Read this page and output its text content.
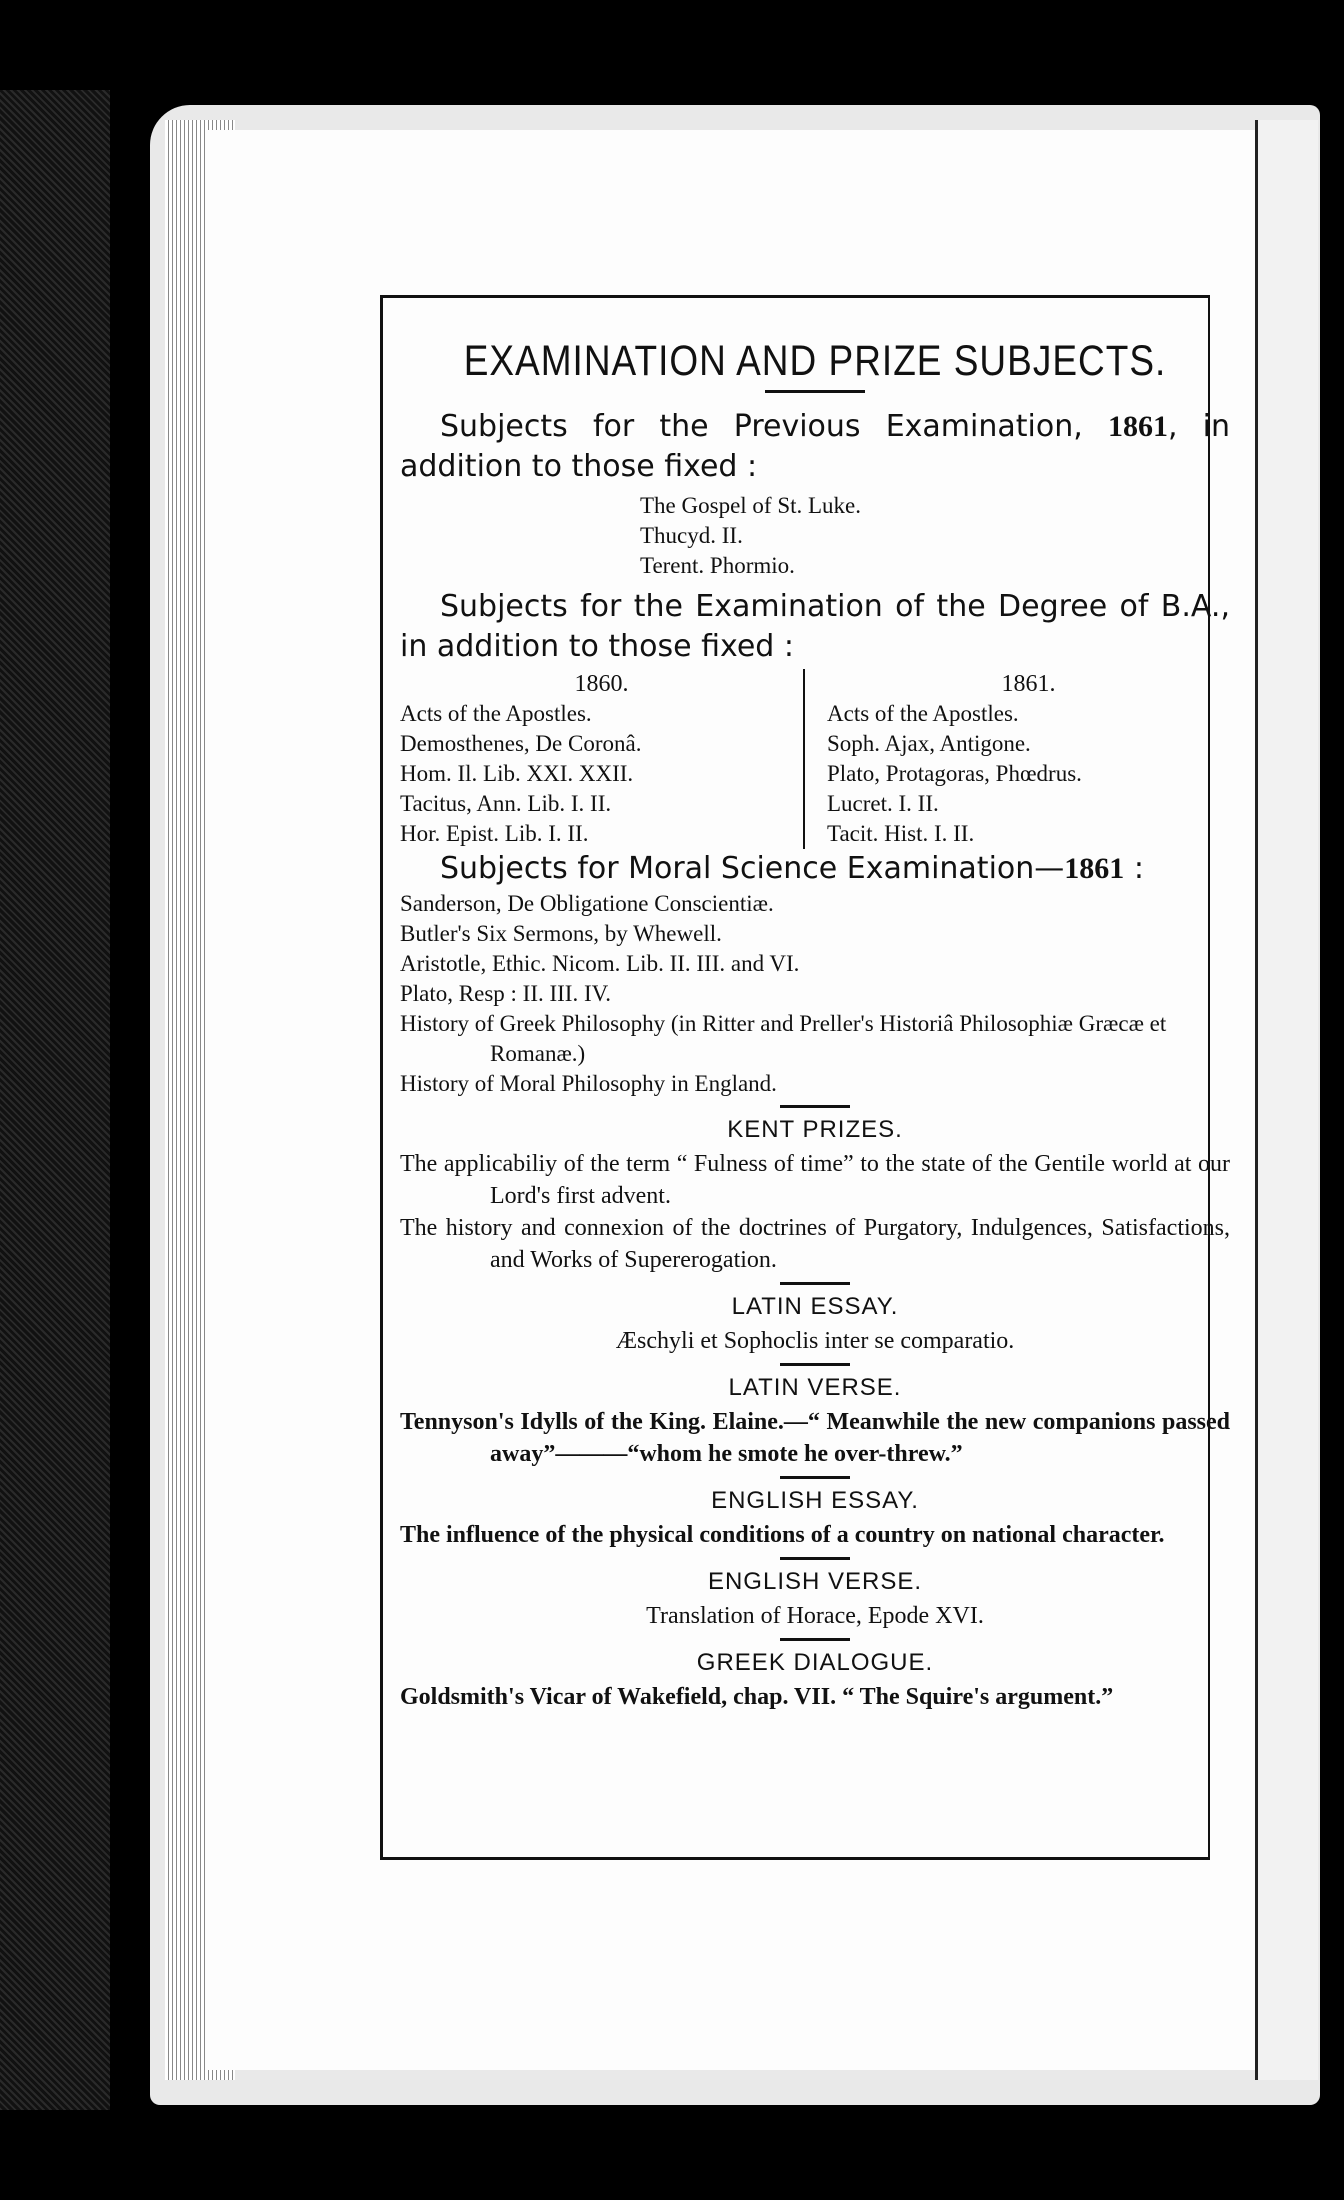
EXAMINATION AND PRIZE SUBJECTS.

Subjects for the Previous Examination, 1861, in addition to those fixed :

The Gospel of St. Luke.
Thucyd. II.
Terent. Phormio.

Subjects for the Examination of the Degree of B.A., in addition to those fixed :

1860.
Acts of the Apostles.
Demosthenes, De Coronâ.
Hom. Il. Lib. XXI. XXII.
Tacitus, Ann. Lib. I. II.
Hor. Epist. Lib. I. II.
1861.
Acts of the Apostles.
Soph. Ajax, Antigone.
Plato, Protagoras, Phœdrus.
Lucret. I. II.
Tacit. Hist. I. II.

Subjects for Moral Science Examination—1861 :

Sanderson, De Obligatione Conscientiæ.

Butler's Six Sermons, by Whewell.

Aristotle, Ethic. Nicom. Lib. II. III. and VI.

Plato, Resp : II. III. IV.

History of Greek Philosophy (in Ritter and Preller's Historiâ Philosophiæ Græcæ et Romanæ.)

History of Moral Philosophy in England.

KENT PRIZES.

The applicabiliy of the term “ Fulness of time” to the state of the Gentile world at our Lord's first advent.

The history and connexion of the doctrines of Purgatory, Indulgences, Satisfactions, and Works of Supererogation.

LATIN ESSAY.

Æschyli et Sophoclis inter se comparatio.

LATIN VERSE.

Tennyson's Idylls of the King. Elaine.—“ Meanwhile the new companions passed away”———“whom he smote he over-threw.”

ENGLISH ESSAY.

The influence of the physical conditions of a country on national character.

ENGLISH VERSE.

Translation of Horace, Epode XVI.

GREEK DIALOGUE.

Goldsmith's Vicar of Wakefield, chap. VII. “ The Squire's argument.”
